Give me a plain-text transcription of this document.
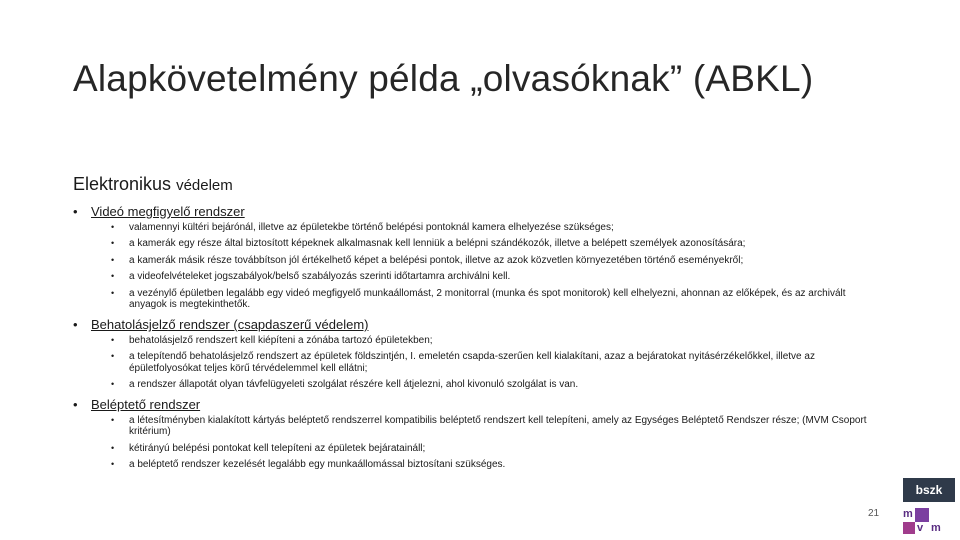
Alapkövetelmény példa „olvasóknak” (ABKL)
Elektronikus védelem
•	Videó megfigyelő rendszer
•	valamennyi kültéri bejárónál, illetve az épületekbe történő belépési pontoknál kamera elhelyezése szükséges;
•	a kamerák egy része által biztosított képeknek alkalmasnak kell lenniük a belépni szándékozók, illetve a belépett személyek azonosítására;
•	a kamerák másik része továbbítson jól értékelhető képet a belépési pontok, illetve az azok közvetlen környezetében történő eseményekről;
•	a videofelvételeket jogszabályok/belső szabályozás szerinti időtartamra archiválni kell.
•	a vezénylő épületben legalább egy videó megfigyelő munkaállomást, 2 monitorral (munka és spot monitorok) kell elhelyezni, ahonnan az előképek, és az archivált anyagok is megtekinthetők.
•	Behatolásjelző rendszer (csapdaszerű védelem)
•	behatolásjelző rendszert kell kiépíteni a zónába tartozó épületekben;
•	a telepítendő behatolásjelző rendszert az épületek földszintjén, I. emeletén csapda-szerűen kell kialakítani, azaz a bejáratokat nyitásérzékelőkkel, illetve az épületfolyosókat teljes körű térvédelemmel kell ellátni;
•	a rendszer állapotát olyan távfelügyeleti szolgálat részére kell átjelezni, ahol kivonuló szolgálat is van.
•	Beléptető rendszer
•	a létesítményben kialakított kártyás beléptető rendszerrel kompatibilis beléptető rendszert kell telepíteni, amely az Egységes Beléptető Rendszer része; (MVM Csoport kritérium)
•	kétirányú belépési pontokat kell telepíteni az épületek bejárataináll;
•	a beléptető rendszer kezelését legalább egy munkaállomással biztosítani szükséges.
21
bszk
m
v m
